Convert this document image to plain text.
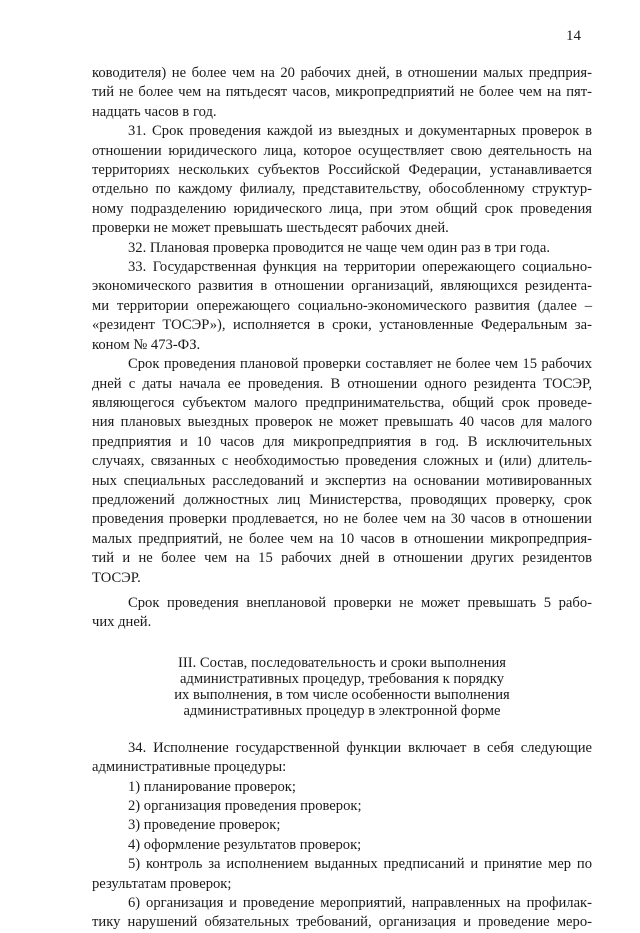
14
ководителя) не более чем на 20 рабочих дней, в отношении малых предприя-
тий не более чем на пятьдесят часов, микропредприятий не более чем на пят-
надцать часов в год.
31. Срок проведения каждой из выездных и документарных проверок в
отношении юридического лица, которое осуществляет свою деятельность на
территориях нескольких субъектов Российской Федерации, устанавливается
отдельно по каждому филиалу, представительству, обособленному структур-
ному подразделению юридического лица, при этом общий срок проведения
проверки не может превышать шестьдесят рабочих дней.
32. Плановая проверка проводится не чаще чем один раз в три года.
33. Государственная функция на территории опережающего социально-
экономического развития в отношении организаций, являющихся резидента-
ми территории опережающего социально-экономического развития (далее –
«резидент ТОСЭР»), исполняется в сроки, установленные Федеральным за-
коном № 473-ФЗ.
Срок проведения плановой проверки составляет не более чем 15 рабочих
дней с даты начала ее проведения. В отношении одного резидента ТОСЭР,
являющегося субъектом малого предпринимательства, общий срок проведе-
ния плановых выездных проверок не может превышать 40 часов для малого
предприятия и 10 часов для микропредприятия в год. В исключительных
случаях, связанных с необходимостью проведения сложных и (или) длитель-
ных специальных расследований и экспертиз на основании мотивированных
предложений должностных лиц Министерства, проводящих проверку, срок
проведения проверки продлевается, но не более чем на 30 часов в отношении
малых предприятий, не более чем на 10 часов в отношении микропредприя-
тий и не более чем на 15 рабочих дней в отношении других резидентов
ТОСЭР.
Срок проведения внеплановой проверки не может превышать 5 рабо-
чих дней.
III. Состав, последовательность и сроки выполнения
административных процедур, требования к порядку
их выполнения, в том числе особенности выполнения
административных процедур в электронной форме
34. Исполнение государственной функции включает в себя следующие
административные процедуры:
1) планирование проверок;
2) организация проведения проверок;
3) проведение проверок;
4) оформление результатов проверок;
5) контроль за исполнением выданных предписаний и принятие мер по
результатам проверок;
6) организация и проведение мероприятий, направленных на профилак-
тику нарушений обязательных требований, организация и проведение меро-
